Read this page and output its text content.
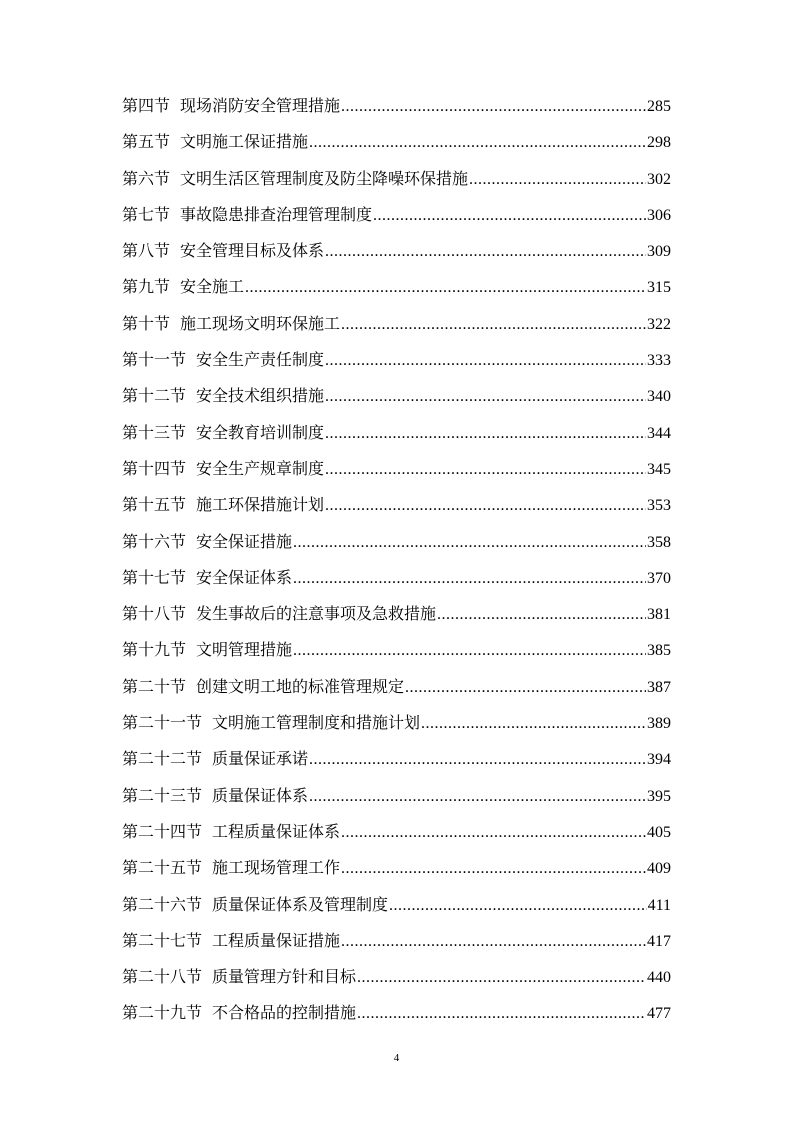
第四节 现场消防安全管理措施 .....	285
第五节 文明施工保证措施 .....	298
第六节 文明生活区管理制度及防尘降噪环保措施 .....	302
第七节 事故隐患排查治理管理制度 .....	306
第八节 安全管理目标及体系 .....	309
第九节 安全施工 .....	315
第十节 施工现场文明环保施工 .....	322
第十一节 安全生产责任制度 .....	333
第十二节 安全技术组织措施 .....	340
第十三节 安全教育培训制度 .....	344
第十四节 安全生产规章制度 .....	345
第十五节 施工环保措施计划 .....	353
第十六节 安全保证措施 .....	358
第十七节 安全保证体系 .....	370
第十八节 发生事故后的注意事项及急救措施 .....	381
第十九节 文明管理措施 .....	385
第二十节 创建文明工地的标准管理规定 .....	387
第二十一节 文明施工管理制度和措施计划 .....	389
第二十二节 质量保证承诺 .....	394
第二十三节 质量保证体系 .....	395
第二十四节 工程质量保证体系 .....	405
第二十五节 施工现场管理工作 .....	409
第二十六节 质量保证体系及管理制度 .....	411
第二十七节 工程质量保证措施 .....	417
第二十八节 质量管理方针和目标 .....	440
第二十九节 不合格品的控制措施 .....	477
4
